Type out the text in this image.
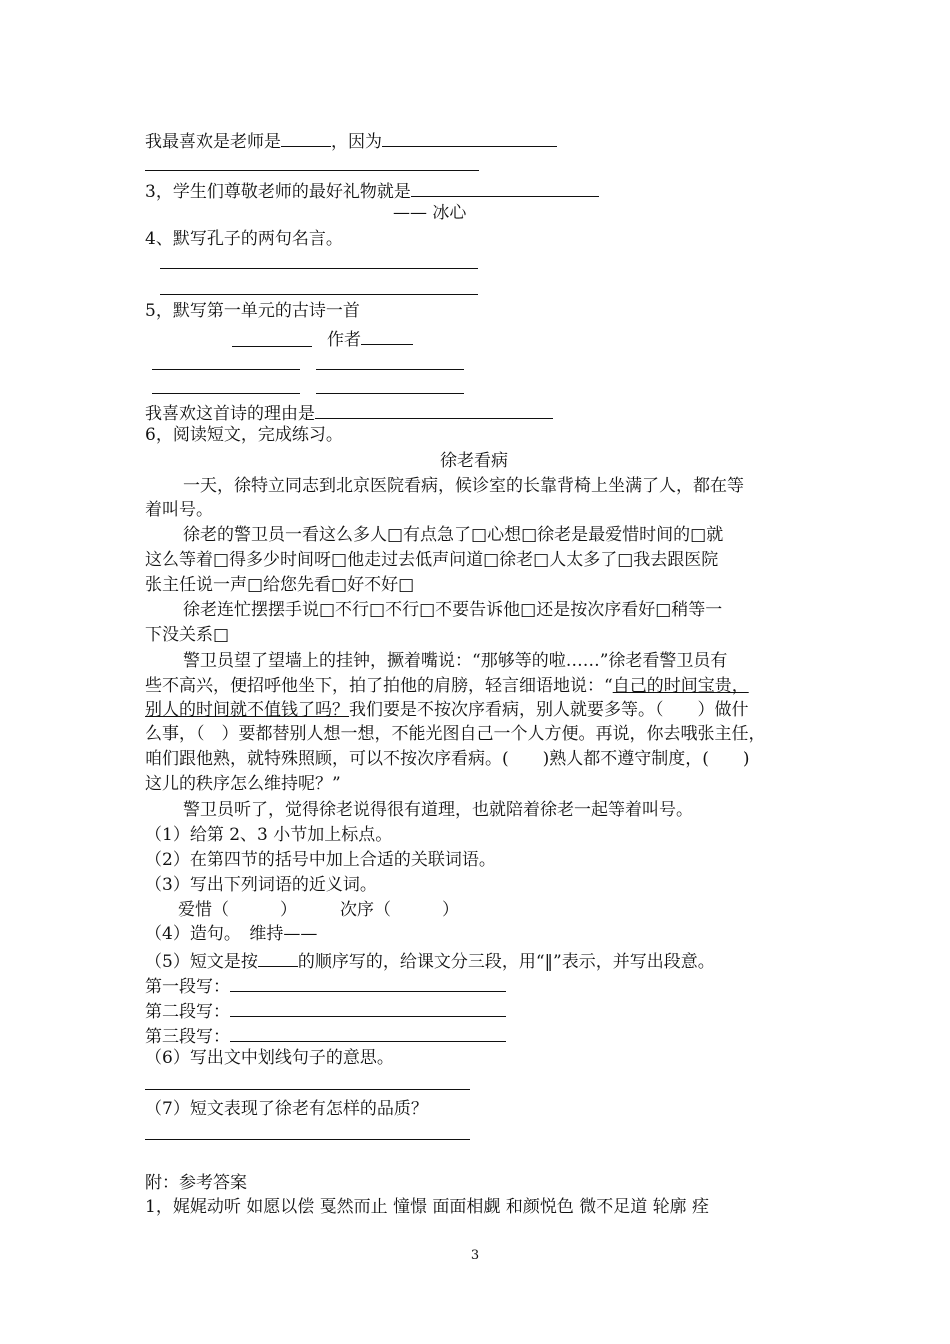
我最喜欢是老师是	，因为
3，学生们尊敬老师的最好礼物就是
—— 冰心
4、默写孔子的两句名言。
5，默写第一单元的古诗一首
作者
我喜欢这首诗的理由是
6，阅读短文，完成练习。
徐老看病
一天，徐特立同志到北京医院看病，候诊室的长靠背椅上坐满了人，都在等
着叫号。
徐老的警卫员一看这么多人□有点急了□心想□徐老是最爱惜时间的□就
这么等着□得多少时间呀□他走过去低声问道□徐老□人太多了□我去跟医院
张主任说一声□给您先看□好不好□
徐老连忙摆摆手说□不行□不行□不要告诉他□还是按次序看好□稍等一
下没关系□
警卫员望了望墙上的挂钟，撅着嘴说：“那够等的啦……”徐老看警卫员有
些不高兴，便招呼他坐下，拍了拍他的肩膀，轻言细语地说：“自己的时间宝贵，
别人的时间就不值钱了吗？我们要是不按次序看病，别人就要多等。（　　）做什
么事，（　）要都替别人想一想，不能光图自己一个人方便。再说，你去哦张主任，
咱们跟他熟，就特殊照顾，可以不按次序看病。(　　)熟人都不遵守制度，(　　)
这儿的秩序怎么维持呢？”
警卫员听了，觉得徐老说得很有道理，也就陪着徐老一起等着叫号。
（1）给第 2、3 小节加上标点。
（2）在第四节的括号中加上合适的关联词语。
（3）写出下列词语的近义词。
爱惜（　　　）	次序（　　　）
（4）造句。　维持——
（5）短文是按 的顺序写的，给课文分三段，用“‖”表示，并写出段意。
第一段写：
第二段写：
第三段写：
（6）写出文中划线句子的意思。
（7）短文表现了徐老有怎样的品质？
附：参考答案
1，娓娓动听 如愿以偿 戛然而止 憧憬 面面相觑 和颜悦色 微不足道 轮廓 痊
3
